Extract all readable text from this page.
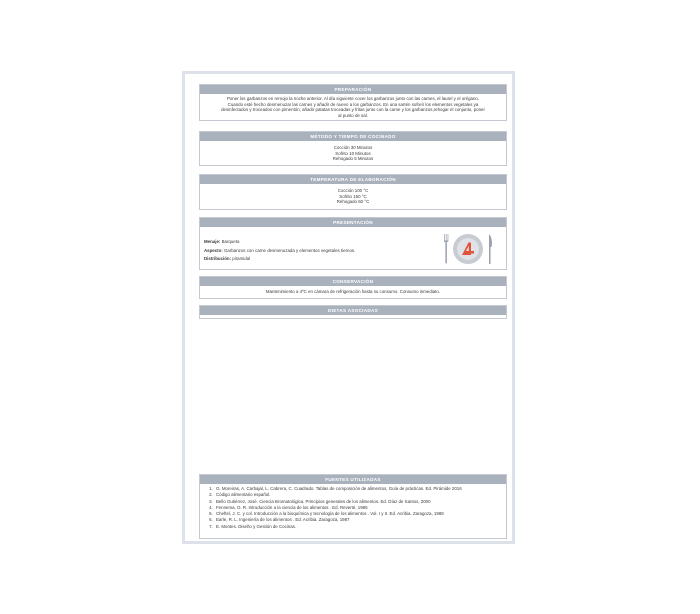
PREPARACIÓN
Poner los garbanzos en remojo la noche anterior. Al día siguiente cocer los garbanzos junto con las carnes, el laurel y el orégano.
Cuando esté hecho desmenuzar las carnes y añadir de nuevo a los garbanzos. En una sartén sofreír los elementos vegetales ya
desinfectados y troceados con pimentón, añadir patatas troceadas y fritas junto con la carne y los garbanzos,rehogar el conjunto, poner
al punto de sal.
MÉTODO Y TIEMPO DE COCINADO
Cocción 30 Minutos
Sofrito 10 Minutos
Rehogado 5 Minutos
TEMPERATURA DE ELABORACIÓN
Cocción 100 °C
Sofrito 150 °C
Rehogado 60 °C
PRESENTACIÓN
Menaje: Barqueta
Aspecto: Garbanzos con carne desmenuzada y elementos vegetales tiernos.
Distribución: piramidal
CONSERVACIÓN
Mantenimiento a 4ºC en cámara de refrigeración hasta su consumo. Consumo inmediato.
DIETAS ASOCIADAS
FUENTES UTILIZADAS
1. O. Moreiras, A. Carbajal, L. Cabrera, C. Cuadrado. Tablas de composición de alimentos, Guía de prácticas. Ed. Pirámide 2016
2. Código alimentario español.
3. Bello Gutiérrez, José. Ciencia Bromatológica. Principios generales de los alimentos. Ed. Díaz de Santos, 2000
4. Fennema, O. R. Introducción a la ciencia de los alimentos . Ed. Reverté, 1985
5. Cheftel, J. C. y col. Introducción a la bioquímica y tecnología de los alimentos . Vol. I y II. Ed. Acribia. Zaragoza, 1989
6. Earle, R. L. Ingeniería de los alimentos . Ed. Acribia. Zaragoza, 1987
7. E. Montes. Diseño y Gestión de Cocinas.
